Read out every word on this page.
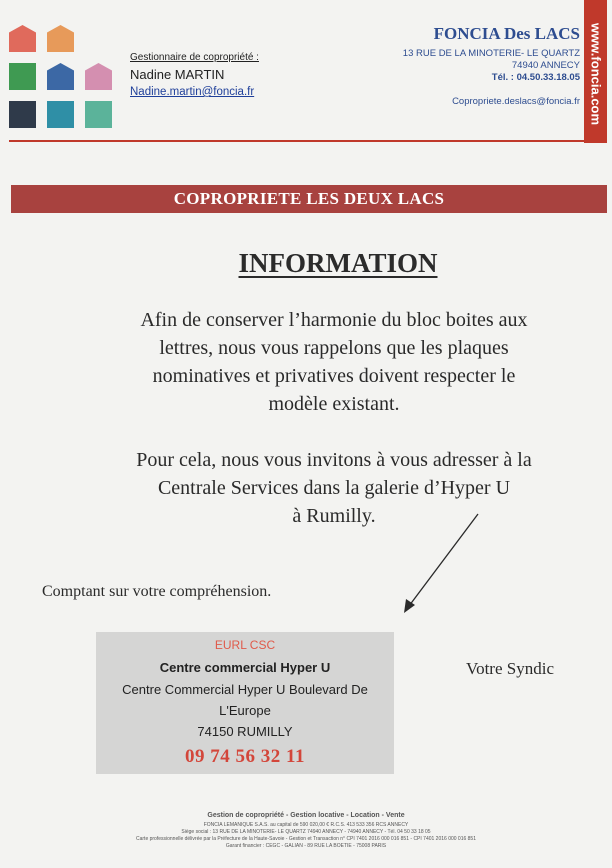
Gestionnaire de copropriété :
Nadine MARTIN
Nadine.martin@foncia.fr
FONCIA Des LACS
13 RUE DE LA MINOTERIE- LE QUARTZ
74940 ANNECY
Tél. : 04.50.33.18.05
Copropriete.deslacs@foncia.fr www.foncia.com
COPROPRIETE LES DEUX LACS
INFORMATION
Afin de conserver l’harmonie du bloc boites aux
lettres, nous vous rappelons que les plaques
nominatives et privatives doivent respecter le
modèle existant.
Pour cela, nous vous invitons à vous adresser à la
Centrale Services dans la galerie d’Hyper U
à Rumilly.
Comptant sur votre compréhension.
EURL CSC
Centre commercial Hyper U
Centre Commercial Hyper U Boulevard De
L'Europe
74150 RUMILLY
09 74 56 32 11
Votre Syndic
Gestion de copropriété - Gestion locative - Location - Vente
FONCIA LEMANIQUE S.A.S. au capital de 590 020,00 € R.C.S. 413 533 356 RCS ANNECY
Siège social : 13 RUE DE LA MINOTERIE- LE QUARTZ 74940 ANNECY - 74940 ANNECY - Tél. 04 50 33 18 05
Carte professionnelle délivrée par la Préfecture de la Haute-Savoie - Gestion et Transaction n° CPI 7401 2016 000 016 851 - CPI 7401 2016 000 016 851
Garant financier : CEGC - GALIAN - 89 RUE LA BOETIE - 75008 PARIS
